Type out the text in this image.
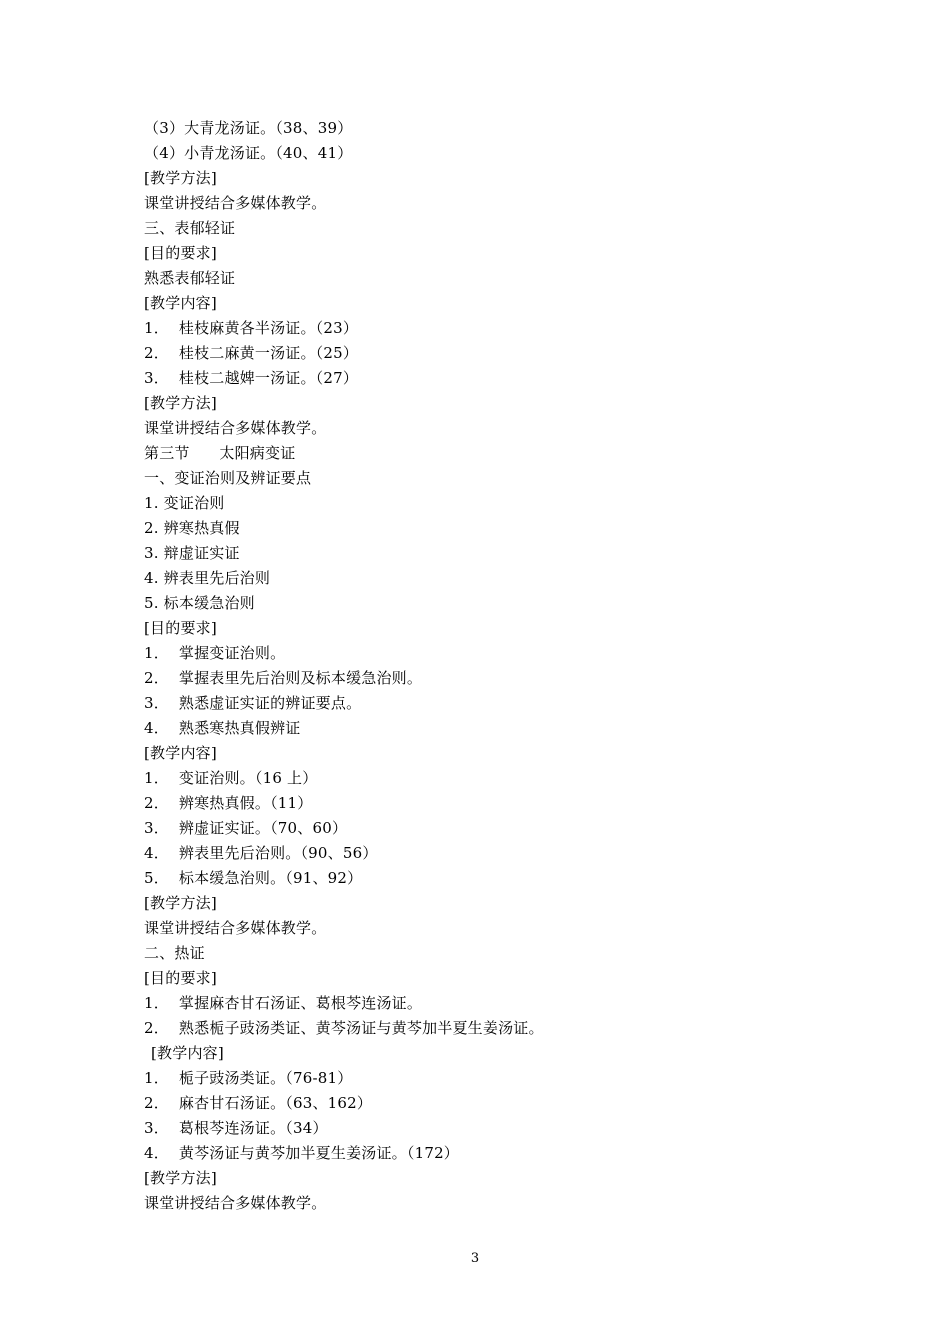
（3）大青龙汤证。（38、39）
（4）小青龙汤证。（40、41）
[教学方法]
课堂讲授结合多媒体教学。
三、表郁轻证
[目的要求]
熟悉表郁轻证
[教学内容]
1．  桂枝麻黄各半汤证。（23）
2．  桂枝二麻黄一汤证。（25）
3．  桂枝二越婢一汤证。（27）
[教学方法]
课堂讲授结合多媒体教学。
第三节      太阳病变证
一、变证治则及辨证要点
1. 变证治则
2. 辨寒热真假
3. 辩虚证实证
4. 辨表里先后治则
5. 标本缓急治则
[目的要求]
1．  掌握变证治则。
2．  掌握表里先后治则及标本缓急治则。
3．  熟悉虚证实证的辨证要点。
4．  熟悉寒热真假辨证
[教学内容]
1．  变证治则。（16 上）
2．  辨寒热真假。（11）
3．  辨虚证实证。（70、60）
4．  辨表里先后治则。（90、56）
5．  标本缓急治则。（91、92）
[教学方法]
课堂讲授结合多媒体教学。
二、热证
[目的要求]
1．  掌握麻杏甘石汤证、葛根芩连汤证。
2．  熟悉栀子豉汤类证、黄芩汤证与黄芩加半夏生姜汤证。
[教学内容]
1．  栀子豉汤类证。（76-81）
2．  麻杏甘石汤证。（63、162）
3．  葛根芩连汤证。（34）
4．  黄芩汤证与黄芩加半夏生姜汤证。（172）
[教学方法]
课堂讲授结合多媒体教学。
3
